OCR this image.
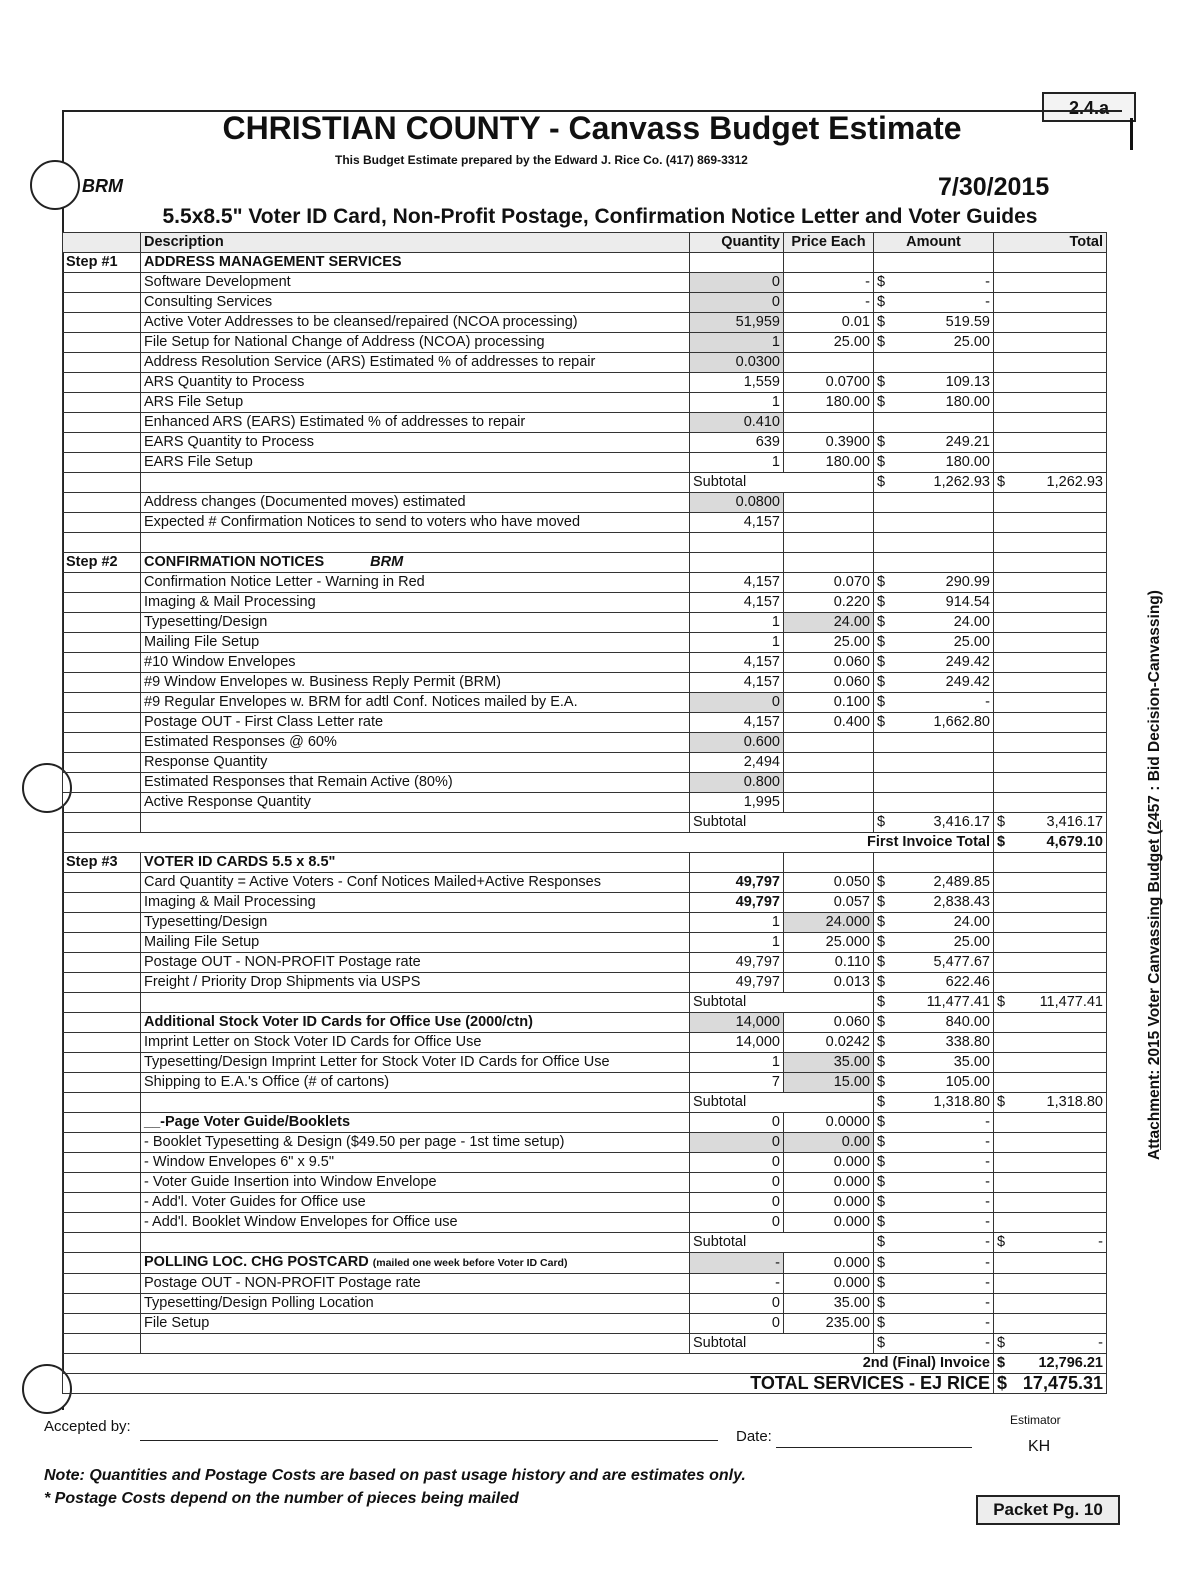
2.4.a
CHRISTIAN COUNTY - Canvass Budget Estimate
This Budget Estimate prepared by the Edward J. Rice Co. (417) 869-3312
BRM	7/30/2015
5.5x8.5" Voter ID Card, Non-Profit Postage, Confirmation Notice Letter and Voter Guides
	Description	Quantity	Price Each	Amount	Total
Step #1	ADDRESS MANAGEMENT SERVICES				
	Software Development	0	-	$ -	

	Consulting Services	0	-	$ -	

	Active Voter Addresses to be cleansed/repaired (NCOA processing)	51,959	0.01	$ 519.59	

	File Setup for National Change of Address (NCOA) processing	1	25.00	$ 25.00	

	Address Resolution Service (ARS) Estimated % of addresses to repair	0.0300			
	ARS Quantity to Process	1,559	0.0700	$ 109.13	

	ARS File Setup	1	180.00	$ 180.00	

	Enhanced ARS (EARS) Estimated % of addresses to repair	0.410			
	EARS Quantity to Process	639	0.3900	$ 249.21	

	EARS File Setup	1	180.00	$ 180.00	

		Subtotal		$ 1,262.93	$ 1,262.93

	Address changes (Documented moves) estimated	0.0800			
	Expected # Confirmation Notices to send to voters who have moved	4,157			

Step #2	CONFIRMATION NOTICES BRM				
	Confirmation Notice Letter - Warning in Red	4,157	0.070	$ 290.99	

	Imaging & Mail Processing	4,157	0.220	$ 914.54	

	Typesetting/Design	1	24.00	$ 24.00	

	Mailing File Setup	1	25.00	$ 25.00	

	#10 Window Envelopes	4,157	0.060	$ 249.42	

	#9 Window Envelopes w. Business Reply Permit (BRM)	4,157	0.060	$ 249.42	

	#9 Regular Envelopes w. BRM for adtl Conf. Notices mailed by E.A.	0	0.100	$ -	

	Postage OUT - First Class Letter rate	4,157	0.400	$ 1,662.80	

	Estimated Responses @ 60%	0.600			
	Response Quantity	2,494			
	Estimated Responses that Remain Active (80%)	0.800			
	Active Response Quantity	1,995			
		Subtotal		$ 3,416.17	$ 3,416.17

First Invoice Total					$ 4,679.10

Step #3	VOTER ID CARDS 5.5 x 8.5"				
	Card Quantity = Active Voters - Conf Notices Mailed+Active Responses	49,797	0.050	$ 2,489.85	

	Imaging & Mail Processing	49,797	0.057	$ 2,838.43	

	Typesetting/Design	1	24.000	$ 24.00	

	Mailing File Setup	1	25.000	$ 25.00	

	Postage OUT - NON-PROFIT Postage rate	49,797	0.110	$ 5,477.67	

	Freight / Priority Drop Shipments via USPS	49,797	0.013	$ 622.46	

		Subtotal		$ 11,477.41	$ 11,477.41

	Additional Stock Voter ID Cards for Office Use (2000/ctn)	14,000	0.060	$ 840.00	

	Imprint Letter on Stock Voter ID Cards for Office Use	14,000	0.0242	$ 338.80	

	Typesetting/Design Imprint Letter for Stock Voter ID Cards for Office Use	1	35.00	$ 35.00	

	Shipping to E.A.'s Office (# of cartons)	7	15.00	$ 105.00	

		Subtotal		$ 1,318.80	$ 1,318.80

	__-Page Voter Guide/Booklets	0	0.0000	$ -	

	- Booklet Typesetting & Design ($49.50 per page - 1st time setup)	0	0.00	$ -	

	- Window Envelopes 6" x 9.5"	0	0.000	$ -	

	- Voter Guide Insertion into Window Envelope	0	0.000	$ -	

	- Add'l. Voter Guides for Office use	0	0.000	$ -	

	- Add'l. Booklet Window Envelopes for Office use	0	0.000	$ -	

		Subtotal		$ -	$ -

	POLLING LOC. CHG POSTCARD (mailed one week before Voter ID Card)	-	0.000	$ -	

	Postage OUT - NON-PROFIT Postage rate	-	0.000	$ -	

	Typesetting/Design Polling Location	0	35.00	$ -	

	File Setup	0	235.00	$ -	

		Subtotal		$ -	$ -

2nd (Final) Invoice					$ 12,796.21

TOTAL SERVICES - EJ RICE					$ 17,475.31
Attachment: 2015 Voter Canvassing Budget (2457 : Bid Decision-Canvassing)
Accepted by:
Date:
Estimator
KH
Note: Quantities and Postage Costs are based on past usage history and are estimates only.
* Postage Costs depend on the number of pieces being mailed
Packet Pg. 10
